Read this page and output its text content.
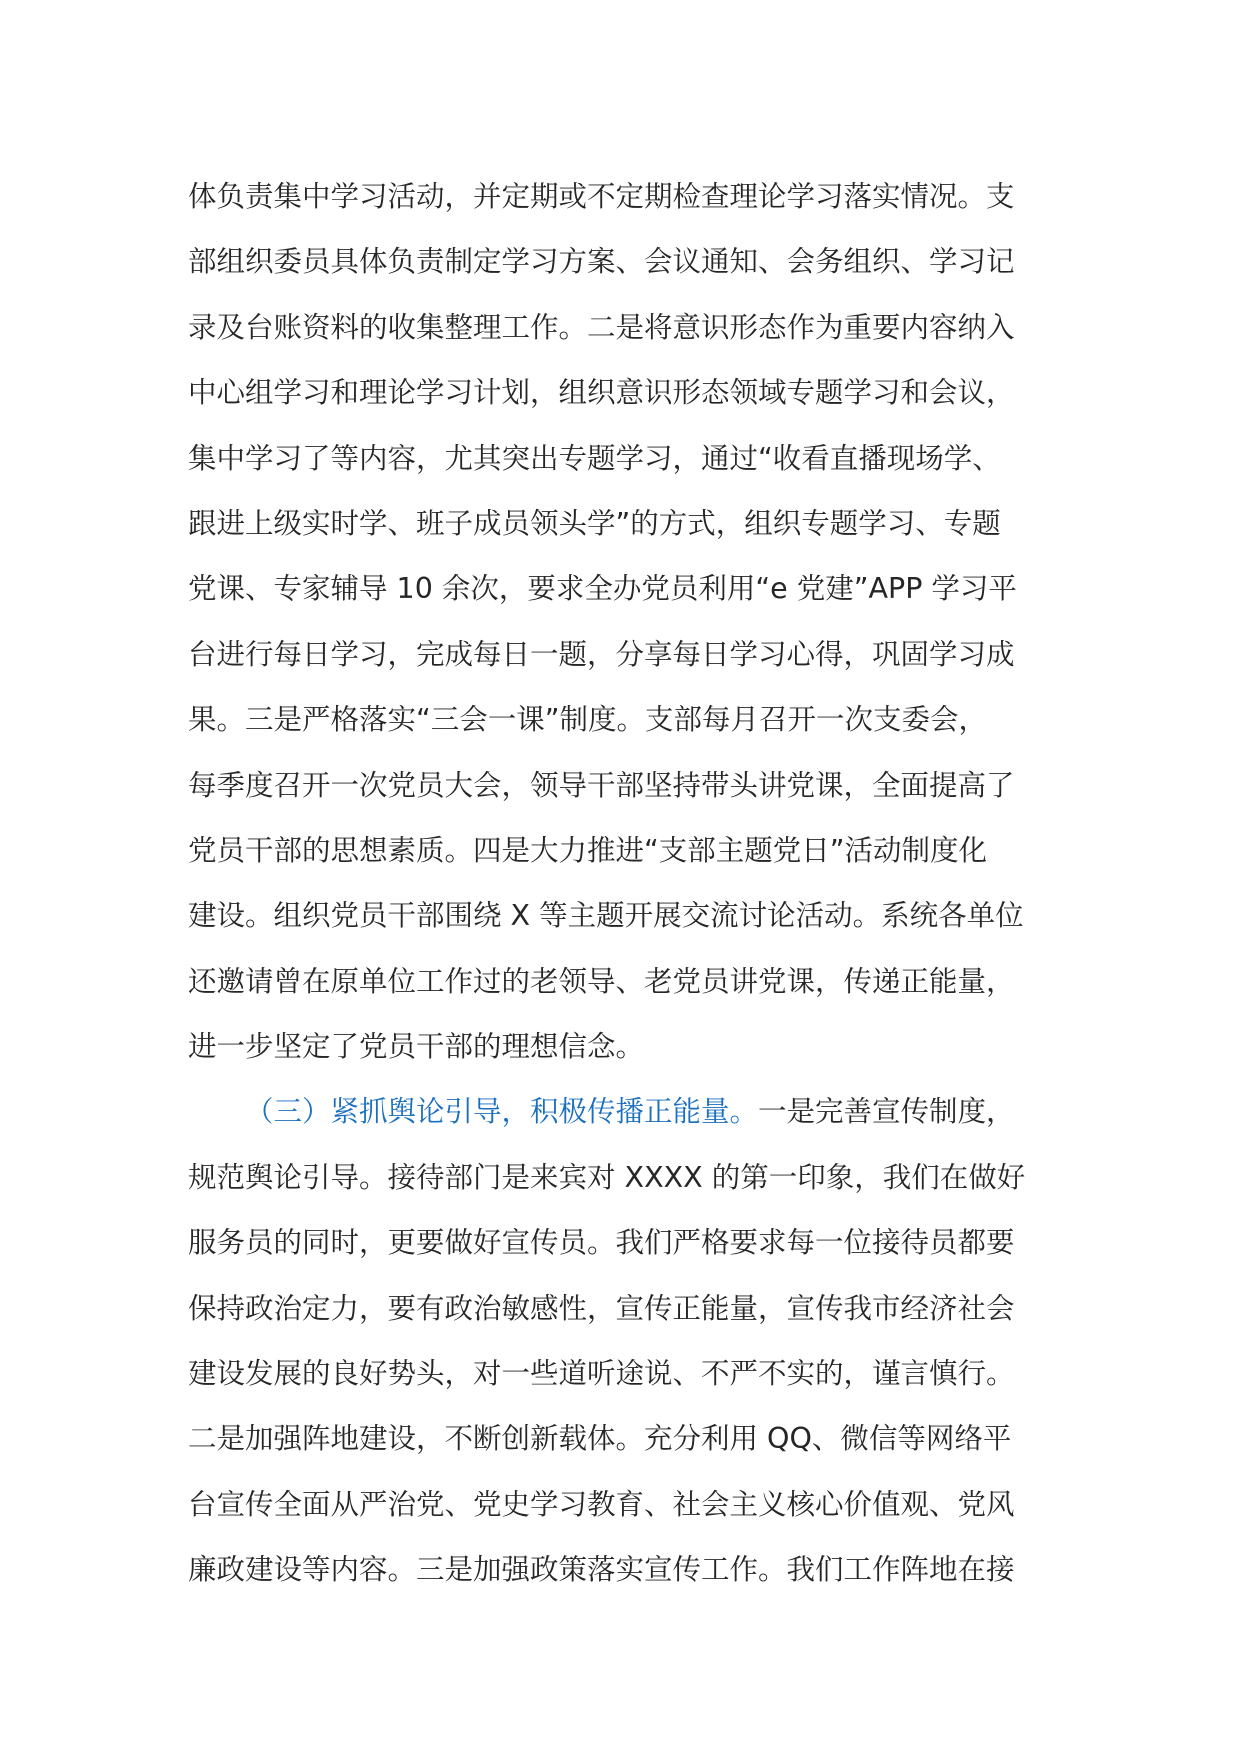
体负责集中学习活动，并定期或不定期检查理论学习落实情况。支
部组织委员具体负责制定学习方案、会议通知、会务组织、学习记
录及台账资料的收集整理工作。二是将意识形态作为重要内容纳入
中心组学习和理论学习计划，组织意识形态领域专题学习和会议，
集中学习了等内容，尤其突出专题学习，通过“收看直播现场学、
跟进上级实时学、班子成员领头学”的方式，组织专题学习、专题
党课、专家辅导 10 余次，要求全办党员利用“e 党建”APP 学习平
台进行每日学习，完成每日一题，分享每日学习心得，巩固学习成
果。三是严格落实“三会一课”制度。支部每月召开一次支委会，
每季度召开一次党员大会，领导干部坚持带头讲党课，全面提高了
党员干部的思想素质。四是大力推进“支部主题党日”活动制度化
建设。组织党员干部围绕 X 等主题开展交流讨论活动。系统各单位
还邀请曾在原单位工作过的老领导、老党员讲党课，传递正能量，
进一步坚定了党员干部的理想信念。
（三）紧抓舆论引导，积极传播正能量。一是完善宣传制度，
规范舆论引导。接待部门是来宾对 XXXX 的第一印象，我们在做好
服务员的同时，更要做好宣传员。我们严格要求每一位接待员都要
保持政治定力，要有政治敏感性，宣传正能量，宣传我市经济社会
建设发展的良好势头，对一些道听途说、不严不实的，谨言慎行。
二是加强阵地建设，不断创新载体。充分利用 QQ、微信等网络平
台宣传全面从严治党、党史学习教育、社会主义核心价值观、党风
廉政建设等内容。三是加强政策落实宣传工作。我们工作阵地在接
